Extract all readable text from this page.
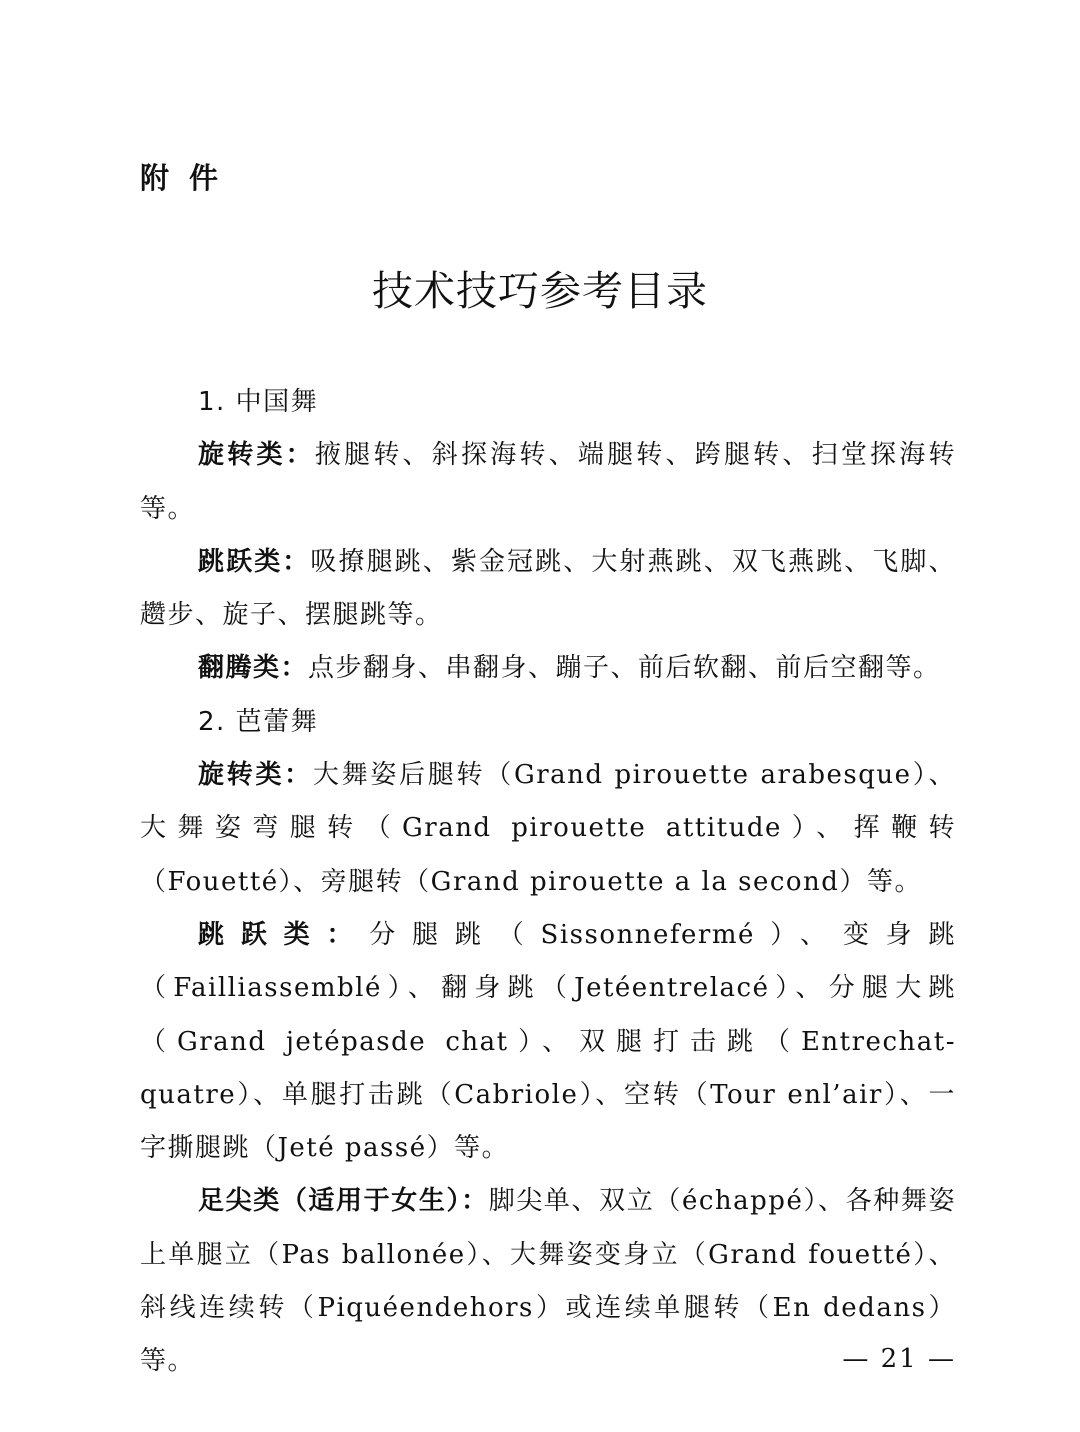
附件
技术技巧参考目录
1. 中国舞

旋转类：掖腿转、斜探海转、端腿转、跨腿转、扫堂探海转等。

跳跃类：吸撩腿跳、紫金冠跳、大射燕跳、双飞燕跳、飞脚、趱步、旋子、摆腿跳等。

翻腾类：点步翻身、串翻身、蹦子、前后软翻、前后空翻等。

2. 芭蕾舞

旋转类：大舞姿后腿转（Grand pirouette arabesque）、大舞姿弯腿转（Grand pirouette attitude）、挥鞭转（Fouetté）、旁腿转（Grand pirouette a la second）等。

跳跃类：分腿跳（Sissonnefermé）、变身跳（Failliassemblé）、翻身跳（Jetéentrelacé）、分腿大跳（Grand jetépasde chat）、双腿打击跳（Entrechat-quatre）、单腿打击跳（Cabriole）、空转（Tour enl’air）、一字撕腿跳（Jeté passé）等。

足尖类（适用于女生）：脚尖单、双立（échappé）、各种舞姿上单腿立（Pas ballonée）、大舞姿变身立（Grand fouetté）、斜线连续转（Piquéendehors）或连续单腿转（En dedans）等。	— 21 —
